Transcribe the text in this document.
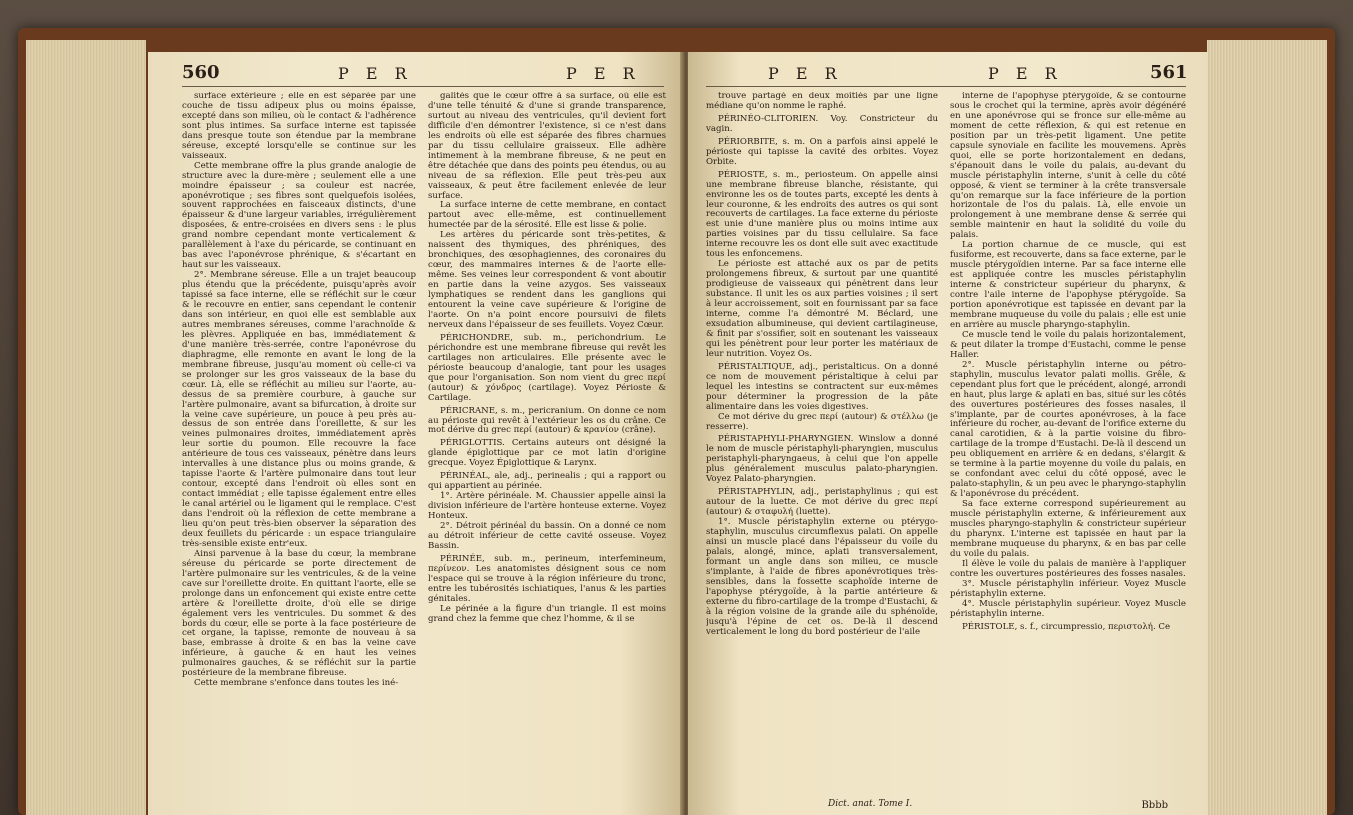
560	P E R	P E R

surface extérieure ; elle en est séparée par une couche de tissu adipeux plus ou moins épaisse, excepté dans son milieu, où le contact & l'adhérence sont plus intimes. Sa surface interne est tapissée dans presque toute son étendue par la membrane séreuse, excepté lorsqu'elle se continue sur les vaisseaux.

Cette membrane offre la plus grande analogie de structure avec la dure-mère ; seulement elle a une moindre épaisseur ; sa couleur est nacrée, aponévrotique ; ses fibres sont quelquefois isolées, souvent rapprochées en faisceaux distincts, d'une épaisseur & d'une largeur variables, irrégulièrement disposées, & entre-croisées en divers sens : le plus grand nombre cependant monte verticalement & parallèlement à l'axe du péricarde, se continuant en bas avec l'aponévrose phrénique, & s'écartant en haut sur les vaisseaux.

2°. Membrane séreuse. Elle a un trajet beaucoup plus étendu que la précédente, puisqu'après avoir tapissé sa face interne, elle se réfléchit sur le cœur & le recouvre en entier, sans cependant le contenir dans son intérieur, en quoi elle est semblable aux autres membranes séreuses, comme l'arachnoïde & les plèvres. Appliquée en bas, immédiatement & d'une manière très-serrée, contre l'aponévrose du diaphragme, elle remonte en avant le long de la membrane fibreuse, jusqu'au moment où celle-ci va se prolonger sur les gros vaisseaux de la base du cœur. Là, elle se réfléchit au milieu sur l'aorte, au-dessus de sa première courbure, à gauche sur l'artère pulmonaire, avant sa bifurcation, à droite sur la veine cave supérieure, un pouce à peu près au-dessus de son entrée dans l'oreillette, & sur les veines pulmonaires droites, immédiatement après leur sortie du poumon. Elle recouvre la face antérieure de tous ces vaisseaux, pénètre dans leurs intervalles à une distance plus ou moins grande, & tapisse l'aorte & l'artère pulmonaire dans tout leur contour, excepté dans l'endroit où elles sont en contact immédiat ; elle tapisse également entre elles le canal artériel ou le ligament qui le remplace. C'est dans l'endroit où la réflexion de cette membrane a lieu qu'on peut très-bien observer la séparation des deux feuillets du péricarde : un espace triangulaire très-sensible existe entr'eux.

Ainsi parvenue à la base du cœur, la membrane séreuse du péricarde se porte directement de l'artère pulmonaire sur les ventricules, & de la veine cave sur l'oreillette droite. En quittant l'aorte, elle se prolonge dans un enfoncement qui existe entre cette artère & l'oreillette droite, d'où elle se dirige également vers les ventricules. Du sommet & des bords du cœur, elle se porte à la face postérieure de cet organe, la tapisse, remonte de nouveau à sa base, embrasse à droite & en bas la veine cave inférieure, à gauche & en haut les veines pulmonaires gauches, & se réfléchit sur la partie postérieure de la membrane fibreuse.

Cette membrane s'enfonce dans toutes les iné-

galités que le cœur offre à sa surface, où elle est d'une telle ténuité & d'une si grande transparence, surtout au niveau des ventricules, qu'il devient fort difficile d'en démontrer l'existence, si ce n'est dans les endroits où elle est séparée des fibres charnues par du tissu cellulaire graisseux. Elle adhère intimement à la membrane fibreuse, & ne peut en être détachée que dans des points peu étendus, ou au niveau de sa réflexion. Elle peut très-peu aux vaisseaux, & peut être facilement enlevée de leur surface.

La surface interne de cette membrane, en contact partout avec elle-même, est continuellement humectée par de la sérosité. Elle est lisse & polie.

Les artères du péricarde sont très-petites, & naissent des thymiques, des phréniques, des bronchiques, des œsophagiennes, des coronaires du cœur, des mammaires internes & de l'aorte elle-même. Ses veines leur correspondent & vont aboutir en partie dans la veine azygos. Ses vaisseaux lymphatiques se rendent dans les ganglions qui entourent la veine cave supérieure & l'origine de l'aorte. On n'a point encore poursuivi de filets nerveux dans l'épaisseur de ses feuillets. Voyez Cœur.

PÉRICHONDRE, sub. m., perichondrium. Le périchondre est une membrane fibreuse qui revêt les cartilages non articulaires. Elle présente avec le périoste beaucoup d'analogie, tant pour les usages que pour l'organisation. Son nom vient du grec περί (autour) & χόνδρος (cartilage). Voyez Périoste & Cartilage.

PÉRICRANE, s. m., pericranium. On donne ce nom au périoste qui revêt à l'extérieur les os du crâne. Ce mot dérive du grec περί (autour) & κρανίον (crâne).

PÉRIGLOTTIS. Certains auteurs ont désigné la glande épiglottique par ce mot latin d'origine grecque. Voyez Épiglottique & Larynx.

PÉRINÉAL, ale, adj., perinealis ; qui a rapport ou qui appartient au périnée.

1°. Artère périnéale. M. Chaussier appelle ainsi la division inférieure de l'artère honteuse externe. Voyez Honteux.

2°. Détroit périnéal du bassin. On a donné ce nom au détroit inférieur de cette cavité osseuse. Voyez Bassin.

PÉRINÉE, sub. m., perineum, interfemineum, περίνεον. Les anatomistes désignent sous ce nom l'espace qui se trouve à la région inférieure du tronc, entre les tubérosités ischiatiques, l'anus & les parties génitales.

Le périnée a la figure d'un triangle. Il est moins grand chez la femme que chez l'homme, & il se

P E R	P E R	561

trouve partagé en deux moitiés par une ligne médiane qu'on nomme le raphé.

PÉRINÉO-CLITORIEN. Voy. Constricteur du vagin.

PÉRIORBITE, s. m. On a parfois ainsi appelé le périoste qui tapisse la cavité des orbites. Voyez Orbite.

PÉRIOSTE, s. m., periosteum. On appelle ainsi une membrane fibreuse blanche, résistante, qui environne les os de toutes parts, excepté les dents à leur couronne, & les endroits des autres os qui sont recouverts de cartilages. La face externe du périoste est unie d'une manière plus ou moins intime aux parties voisines par du tissu cellulaire. Sa face interne recouvre les os dont elle suit avec exactitude tous les enfoncemens.

Le périoste est attaché aux os par de petits prolongemens fibreux, & surtout par une quantité prodigieuse de vaisseaux qui pénètrent dans leur substance. Il unit les os aux parties voisines ; il sert à leur accroissement, soit en fournissant par sa face interne, comme l'a démontré M. Béclard, une exsudation albumineuse, qui devient cartilagineuse, & finit par s'ossifier, soit en soutenant les vaisseaux qui les pénètrent pour leur porter les matériaux de leur nutrition. Voyez Os.

PÉRISTALTIQUE, adj., peristalticus. On a donné ce nom de mouvement péristaltique à celui par lequel les intestins se contractent sur eux-mêmes pour déterminer la progression de la pâte alimentaire dans les voies digestives.

Ce mot dérive du grec περί (autour) & στέλλω (je resserre).

PÉRISTAPHYLI-PHARYNGIEN. Winslow a donné le nom de muscle péristaphyli-pharyngien, musculus peristaphyli-pharyngaeus, à celui que l'on appelle plus généralement musculus palato-pharyngien. Voyez Palato-pharyngien.

PÉRISTAPHYLIN, adj., peristaphylinus ; qui est autour de la luette. Ce mot dérive du grec περί (autour) & σταφυλή (luette).

1°. Muscle péristaphylin externe ou ptérygo-staphylin, musculus circumflexus palati. On appelle ainsi un muscle placé dans l'épaisseur du voile du palais, alongé, mince, aplati transversalement, formant un angle dans son milieu, ce muscle s'implante, à l'aide de fibres aponévrotiques très-sensibles, dans la fossette scaphoïde interne de l'apophyse ptérygoïde, à la partie antérieure & externe du fibro-cartilage de la trompe d'Eustachi, & à la région voisine de la grande aile du sphénoïde, jusqu'à l'épine de cet os. De-là il descend verticalement le long du bord postérieur de l'aile

interne de l'apophyse ptérygoïde, & se contourne sous le crochet qui la termine, après avoir dégénéré en une aponévrose qui se fronce sur elle-même au moment de cette réflexion, & qui est retenue en position par un très-petit ligament. Une petite capsule synoviale en facilite les mouvemens. Après quoi, elle se porte horizontalement en dedans, s'épanouit dans le voile du palais, au-devant du muscle péristaphylin interne, s'unit à celle du côté opposé, & vient se terminer à la crête transversale qu'on remarque sur la face inférieure de la portion horizontale de l'os du palais. Là, elle envoie un prolongement à une membrane dense & serrée qui semble maintenir en haut la solidité du voile du palais.

La portion charnue de ce muscle, qui est fusiforme, est recouverte, dans sa face externe, par le muscle ptérygoïdien interne. Par sa face interne elle est appliquée contre les muscles péristaphylin interne & constricteur supérieur du pharynx, & contre l'aile interne de l'apophyse ptérygoïde. Sa portion aponévrotique est tapissée en devant par la membrane muqueuse du voile du palais ; elle est unie en arrière au muscle pharyngo-staphylin.

Ce muscle tend le voile du palais horizontalement, & peut dilater la trompe d'Eustachi, comme le pense Haller.

2°. Muscle péristaphylin interne ou pétro-staphylin, musculus levator palati mollis. Grêle, & cependant plus fort que le précédent, alongé, arrondi en haut, plus large & aplati en bas, situé sur les côtés des ouvertures postérieures des fosses nasales, il s'implante, par de courtes aponévroses, à la face inférieure du rocher, au-devant de l'orifice externe du canal carotidien, & à la partie voisine du fibro-cartilage de la trompe d'Eustachi. De-là il descend un peu obliquement en arrière & en dedans, s'élargit & se termine à la partie moyenne du voile du palais, en se confondant avec celui du côté opposé, avec le palato-staphylin, & un peu avec le pharyngo-staphylin & l'aponévrose du précédent.

Sa face externe correspond supérieurement au muscle péristaphylin externe, & inférieurement aux muscles pharyngo-staphylin & constricteur supérieur du pharynx. L'interne est tapissée en haut par la membrane muqueuse du pharynx, & en bas par celle du voile du palais.

Il élève le voile du palais de manière à l'appliquer contre les ouvertures postérieures des fosses nasales.

3°. Muscle péristaphylin inférieur. Voyez Muscle péristaphylin externe.

4°. Muscle péristaphylin supérieur. Voyez Muscle péristaphylin interne.

PÉRISTOLE, s. f., circumpressio, περιστολή. Ce

Dict. anat. Tome I.	Bbbb
